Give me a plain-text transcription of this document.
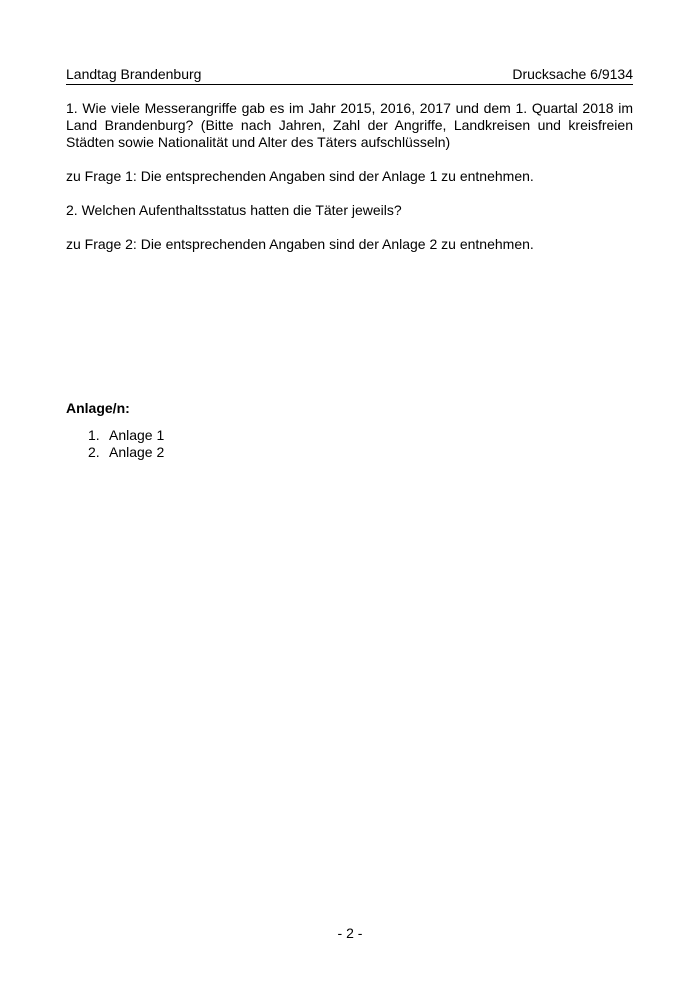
Landtag Brandenburg	Drucksache 6/9134
1. Wie viele Messerangriffe gab es im Jahr 2015, 2016, 2017 und dem 1. Quartal 2018 im
Land Brandenburg? (Bitte nach Jahren, Zahl der Angriffe, Landkreisen und kreisfreien
Städten sowie Nationalität und Alter des Täters aufschlüsseln)
zu Frage 1: Die entsprechenden Angaben sind der Anlage 1 zu entnehmen.
2. Welchen Aufenthaltsstatus hatten die Täter jeweils?
zu Frage 2: Die entsprechenden Angaben sind der Anlage 2 zu entnehmen.
Anlage/n:
1. Anlage 1
2. Anlage 2
- 2 -
